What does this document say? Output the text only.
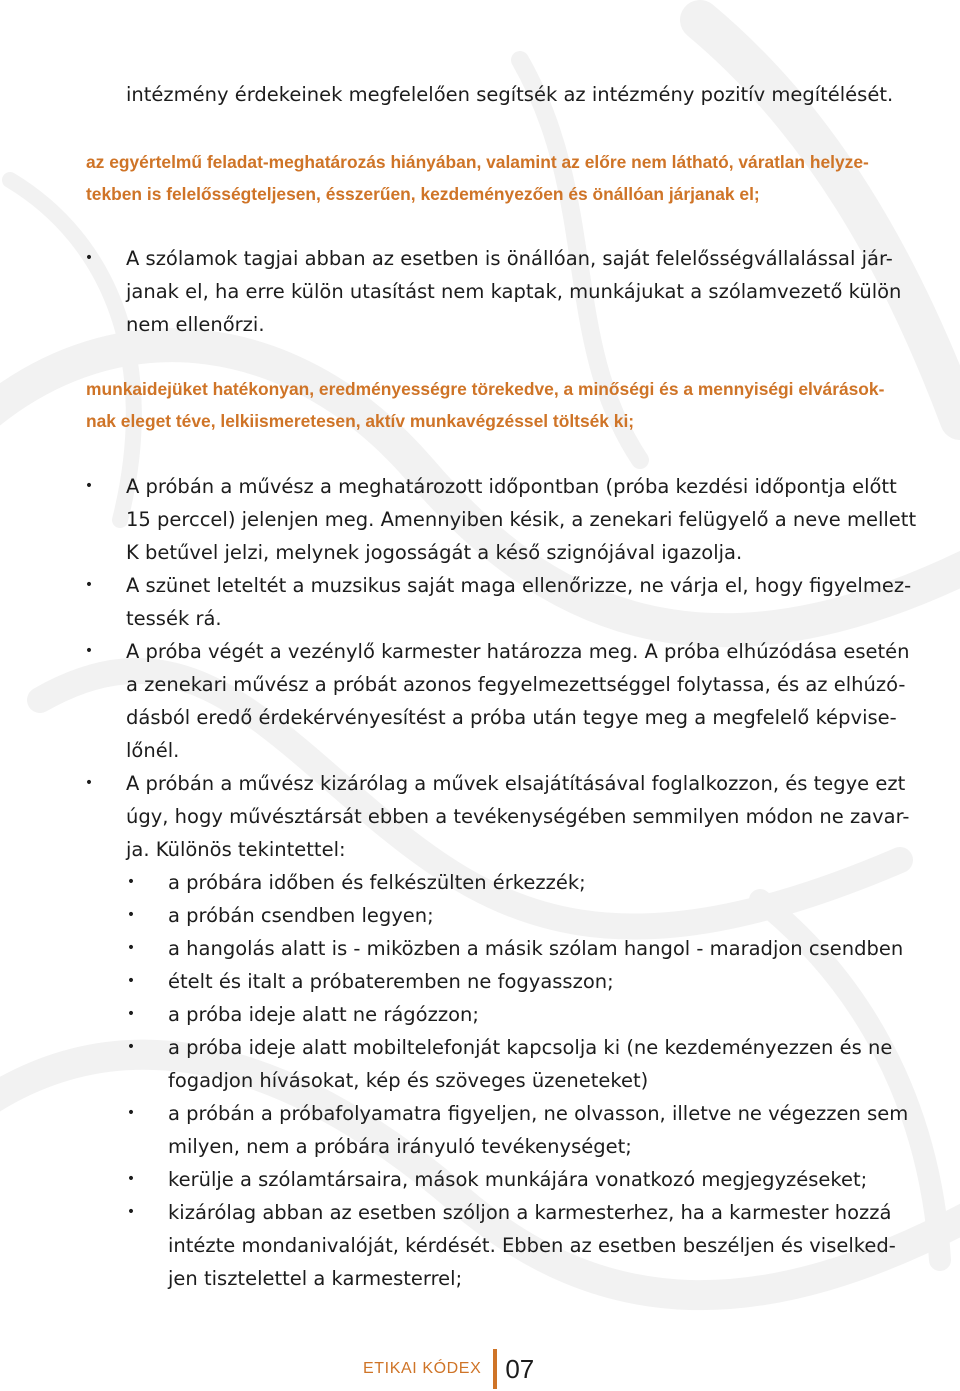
intézmény érdekeinek megfelelően segítsék az intézmény pozitív megítélését.
az egyértelmű feladat-meghatározás hiányában, valamint az előre nem látható, váratlan helyze-
tekben is felelősségteljesen, ésszerűen, kezdeményezően és önállóan járjanak el;
• A szólamok tagjai abban az esetben is önállóan, saját felelősségvállalással jár-
janak el, ha erre külön utasítást nem kaptak, munkájukat a szólamvezető külön
nem ellenőrzi.
munkaidejüket hatékonyan, eredményességre törekedve, a minőségi és a mennyiségi elvárások-
nak eleget téve, lelkiismeretesen, aktív munkavégzéssel töltsék ki;
• A próbán a művész a meghatározott időpontban (próba kezdési időpontja előtt
15 perccel) jelenjen meg. Amennyiben késik, a zenekari felügyelő a neve mellett
K betűvel jelzi, melynek jogosságát a késő szignójával igazolja.
• A szünet leteltét a muzsikus saját maga ellenőrizze, ne várja el, hogy figyelmez-
tessék rá.
• A próba végét a vezénylő karmester határozza meg. A próba elhúzódása esetén
a zenekari művész a próbát azonos fegyelmezettséggel folytassa, és az elhúzó-
dásból eredő érdekérvényesítést a próba után tegye meg a megfelelő képvise-
lőnél.
• A próbán a művész kizárólag a művek elsajátításával foglalkozzon, és tegye ezt
úgy, hogy művésztársát ebben a tevékenységében semmilyen módon ne zavar-
ja. Különös tekintettel:
• a próbára időben és felkészülten érkezzék;
• a próbán csendben legyen;
• a hangolás alatt is - miközben a másik szólam hangol - maradjon csendben
• ételt és italt a próbateremben ne fogyasszon;
• a próba ideje alatt ne rágózzon;
• a próba ideje alatt mobiltelefonját kapcsolja ki (ne kezdeményezzen és ne
fogadjon hívásokat, kép és szöveges üzeneteket)
• a próbán a próbafolyamatra figyeljen, ne olvasson, illetve ne végezzen sem
milyen, nem a próbára irányuló tevékenységet;
• kerülje a szólamtársaira, mások munkájára vonatkozó megjegyzéseket;
• kizárólag abban az esetben szóljon a karmesterhez, ha a karmester hozzá
intézte mondanivalóját, kérdését. Ebben az esetben beszéljen és viselked-
jen tisztelettel a karmesterrel;
ETIKAI KÓDEX 07
